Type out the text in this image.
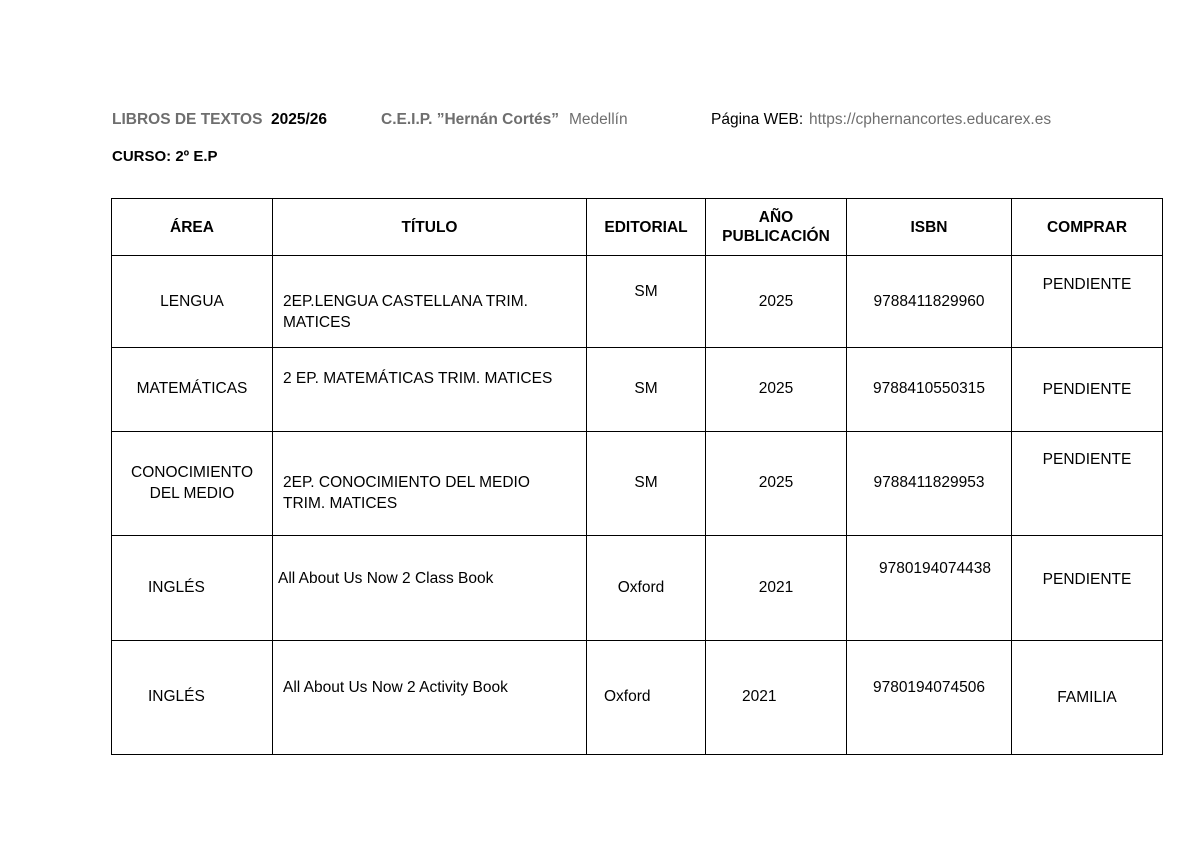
LIBROS DE TEXTOS 2025/26	C.E.I.P. ”Hernán Cortés” Medellín	Página WEB: https://cphernancortes.educarex.es
CURSO: 2º E.P
ÁREA	TÍTULO	EDITORIAL	AÑO PUBLICACIÓN	ISBN	COMPRAR

LENGUA	2EP.LENGUA CASTELLANA TRIM. MATICES	SM	2025	9788411829960	PENDIENTE

MATEMÁTICAS	2 EP. MATEMÁTICAS TRIM. MATICES	SM	2025	9788410550315	PENDIENTE

CONOCIMIENTO DEL MEDIO	2EP. CONOCIMIENTO DEL MEDIO TRIM. MATICES	SM	2025	9788411829953	PENDIENTE

INGLÉS	All About Us Now 2 Class Book	Oxford	2021	9780194074438	PENDIENTE

INGLÉS	All About Us Now 2 Activity Book	Oxford	2021	9780194074506	FAMILIA
